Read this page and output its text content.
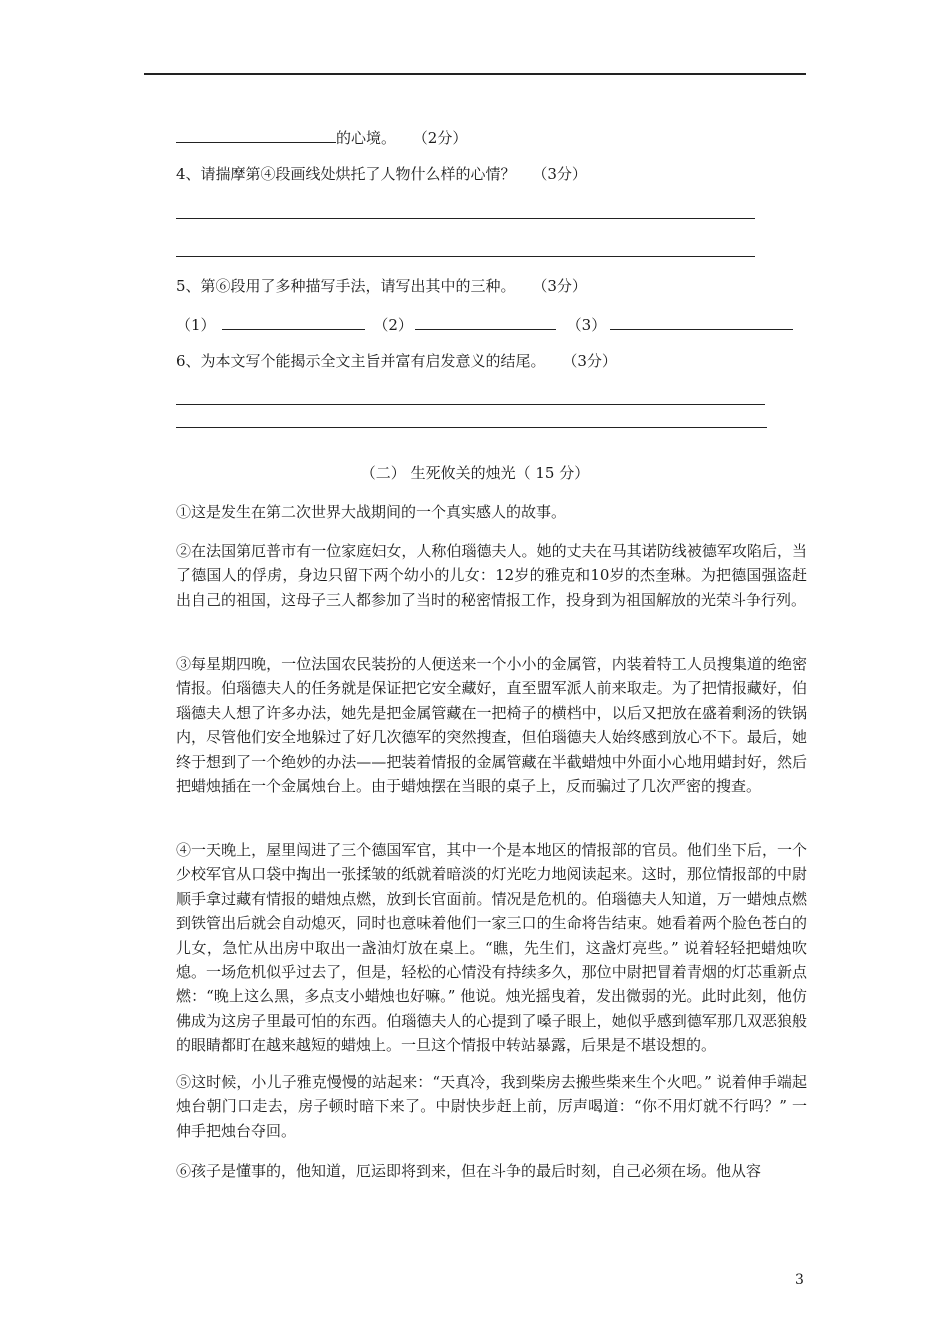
的心境。 （2分）
4、请揣摩第④段画线处烘托了人物什么样的心情？ （3分）
5、第⑥段用了多种描写手法，请写出其中的三种。 （3分）
（1）	（2）	（3）
6、为本文写个能揭示全文主旨并富有启发意义的结尾。 （3分）
（二） 生死攸关的烛光（ 15 分）
①这是发生在第二次世界大战期间的一个真实感人的故事。
②在法国第厄普市有一位家庭妇女，人称伯瑙德夫人。她的丈夫在马其诺防线被德军攻陷后，当了德国人的俘虏，身边只留下两个幼小的儿女：12岁的雅克和10岁的杰奎琳。为把德国强盗赶出自己的祖国，这母子三人都参加了当时的秘密情报工作，投身到为祖国解放的光荣斗争行列。
③每星期四晚，一位法国农民装扮的人便送来一个小小的金属管，内装着特工人员搜集道的绝密情报。伯瑙德夫人的任务就是保证把它安全藏好，直至盟军派人前来取走。为了把情报藏好，伯瑙德夫人想了许多办法，她先是把金属管藏在一把椅子的横档中，以后又把放在盛着剩汤的铁锅内，尽管他们安全地躲过了好几次德军的突然搜查，但伯瑙德夫人始终感到放心不下。最后，她终于想到了一个绝妙的办法——把装着情报的金属管藏在半截蜡烛中外面小心地用蜡封好，然后把蜡烛插在一个金属烛台上。由于蜡烛摆在当眼的桌子上，反而骗过了几次严密的搜查。
④一天晚上，屋里闯进了三个德国军官，其中一个是本地区的情报部的官员。他们坐下后，一个少校军官从口袋中掏出一张揉皱的纸就着暗淡的灯光吃力地阅读起来。这时，那位情报部的中尉顺手拿过藏有情报的蜡烛点燃，放到长官面前。情况是危机的。伯瑙德夫人知道，万一蜡烛点燃到铁管出后就会自动熄灭，同时也意味着他们一家三口的生命将告结束。她看着两个脸色苍白的儿女，急忙从出房中取出一盏油灯放在桌上。“瞧，先生们，这盏灯亮些。” 说着轻轻把蜡烛吹熄。一场危机似乎过去了，但是，轻松的心情没有持续多久，那位中尉把冒着青烟的灯芯重新点燃：“晚上这么黑，多点支小蜡烛也好嘛。” 他说。烛光摇曳着，发出微弱的光。此时此刻，他仿佛成为这房子里最可怕的东西。伯瑙德夫人的心提到了嗓子眼上，她似乎感到德军那几双恶狼般的眼睛都盯在越来越短的蜡烛上。一旦这个情报中转站暴露，后果是不堪设想的。
⑤这时候，小儿子雅克慢慢的站起来：“天真冷，我到柴房去搬些柴来生个火吧。” 说着伸手端起烛台朝门口走去，房子顿时暗下来了。中尉快步赶上前，厉声喝道：“你不用灯就不行吗？” 一伸手把烛台夺回。
⑥孩子是懂事的，他知道，厄运即将到来，但在斗争的最后时刻，自己必须在场。他从容
3
